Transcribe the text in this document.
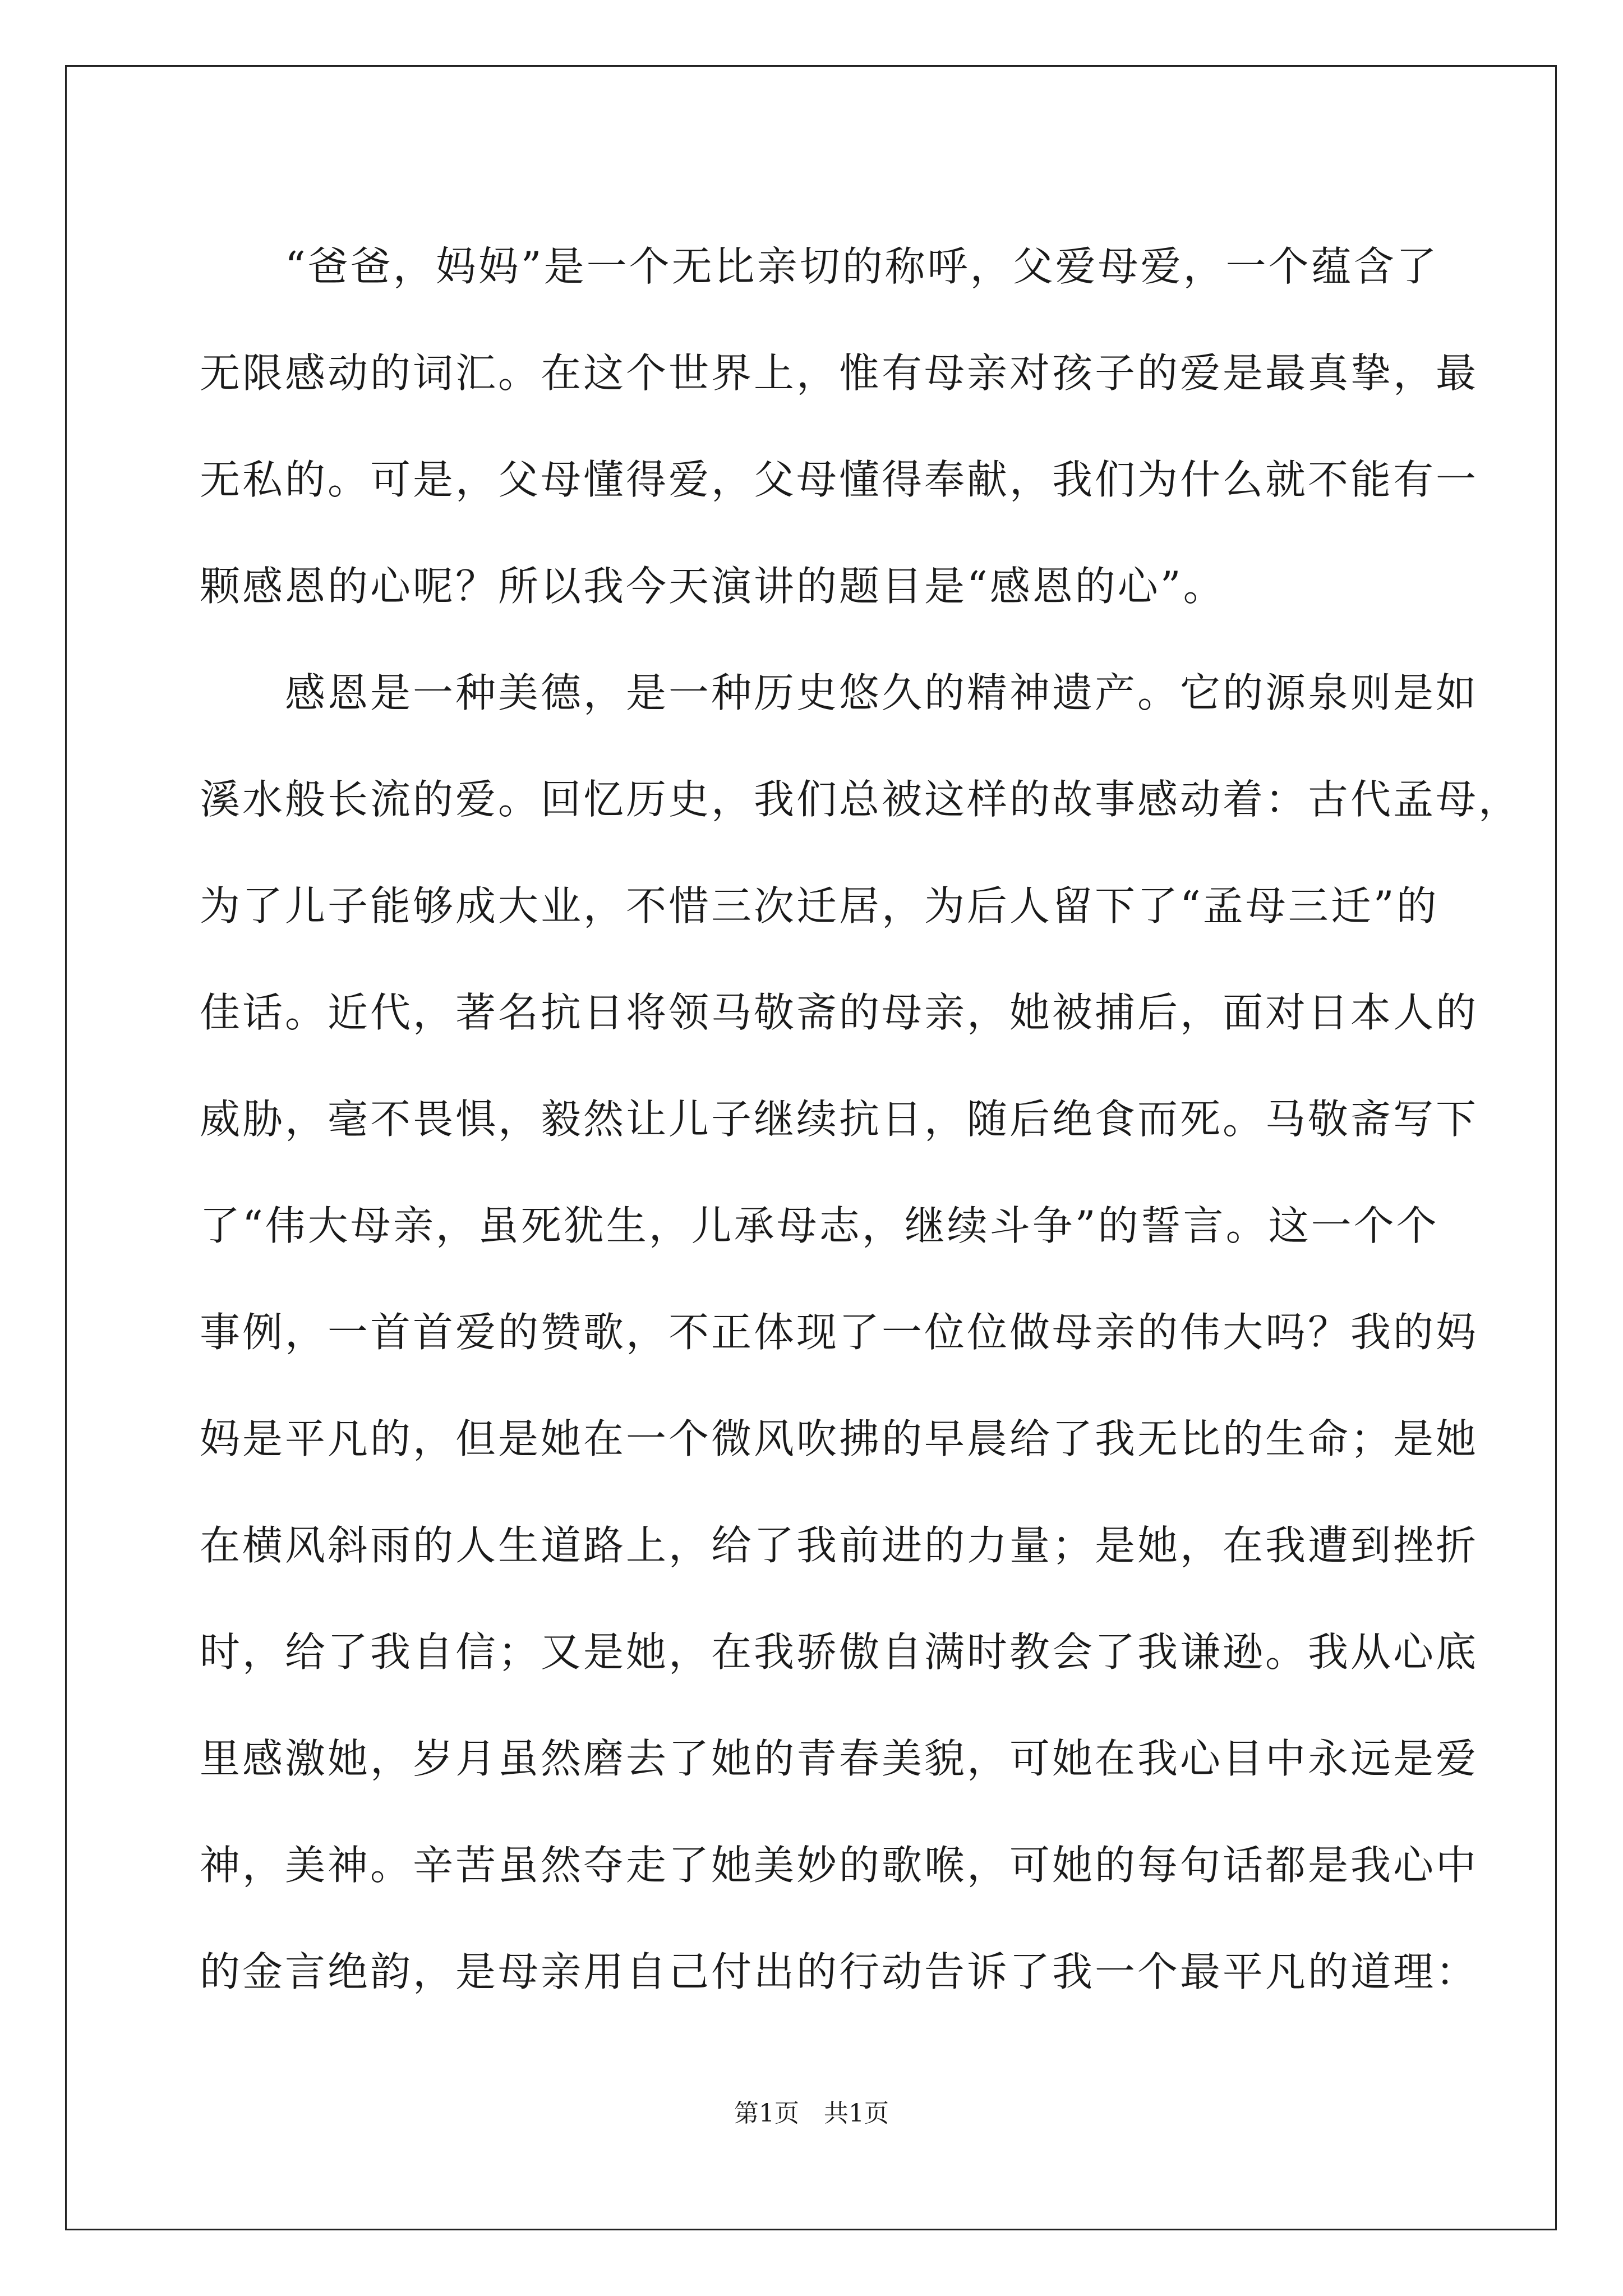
“爸爸，妈妈”是一个无比亲切的称呼，父爱母爱，一个蕴含了
无限感动的词汇。在这个世界上，惟有母亲对孩子的爱是最真挚，最
无私的。可是，父母懂得爱，父母懂得奉献，我们为什么就不能有一
颗感恩的心呢？所以我今天演讲的题目是“感恩的心”。
感恩是一种美德，是一种历史悠久的精神遗产。它的源泉则是如
溪水般长流的爱。回忆历史，我们总被这样的故事感动着：古代孟母，
为了儿子能够成大业，不惜三次迁居，为后人留下了“孟母三迁”的
佳话。近代，著名抗日将领马敬斋的母亲，她被捕后，面对日本人的
威胁，毫不畏惧，毅然让儿子继续抗日，随后绝食而死。马敬斋写下
了“伟大母亲，虽死犹生，儿承母志，继续斗争”的誓言。这一个个
事例，一首首爱的赞歌，不正体现了一位位做母亲的伟大吗？我的妈
妈是平凡的，但是她在一个微风吹拂的早晨给了我无比的生命；是她
在横风斜雨的人生道路上，给了我前进的力量；是她，在我遭到挫折
时，给了我自信；又是她，在我骄傲自满时教会了我谦逊。我从心底
里感激她，岁月虽然磨去了她的青春美貌，可她在我心目中永远是爱
神，美神。辛苦虽然夺走了她美妙的歌喉，可她的每句话都是我心中
的金言绝韵，是母亲用自己付出的行动告诉了我一个最平凡的道理：
第1页　共1页
